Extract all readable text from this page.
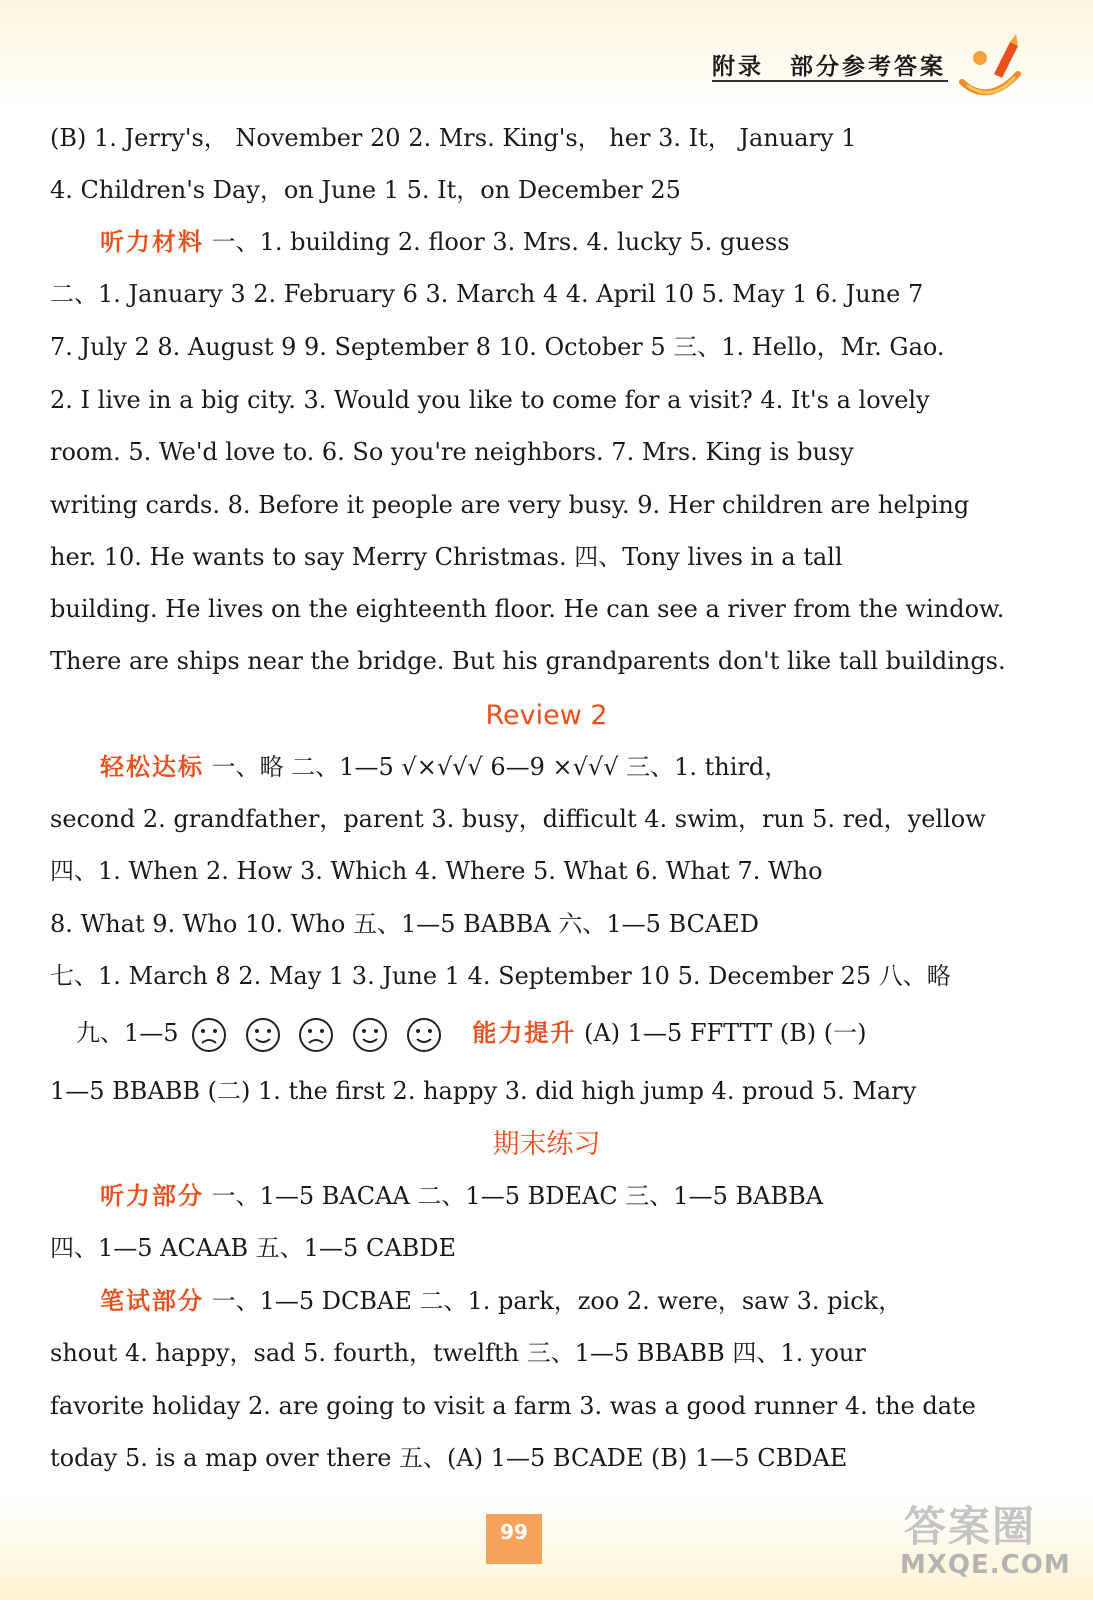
附录　部分参考答案
(B) 1. Jerry's， November 20 2. Mrs. King's， her 3. It， January 1
4. Children's Day，on June 1 5. It，on December 25
听力材料 一、1. building 2. floor 3. Mrs. 4. lucky 5. guess
二、1. January 3 2. February 6 3. March 4 4. April 10 5. May 1 6. June 7
7. July 2 8. August 9 9. September 8 10. October 5 三、1. Hello，Mr. Gao.
2. I live in a big city. 3. Would you like to come for a visit? 4. It's a lovely
room. 5. We'd love to. 6. So you're neighbors. 7. Mrs. King is busy
writing cards. 8. Before it people are very busy. 9. Her children are helping
her. 10. He wants to say Merry Christmas. 四、Tony lives in a tall
building. He lives on the eighteenth floor. He can see a river from the window.
There are ships near the bridge. But his grandparents don't like tall buildings.
Review 2
轻松达标 一、略 二、1—5 √×√√√ 6—9 ×√√√ 三、1. third，
second 2. grandfather，parent 3. busy，difficult 4. swim，run 5. red，yellow
四、1. When 2. How 3. Which 4. Where 5. What 6. What 7. Who
8. What 9. Who 10. Who 五、1—5 BABBA 六、1—5 BCAED
七、1. March 8 2. May 1 3. June 1 4. September 10 5. December 25 八、略
九、1—5	能力提升 (A) 1—5 FFTTT (B) (一)
1—5 BBABB (二) 1. the first 2. happy 3. did high jump 4. proud 5. Mary
期末练习
听力部分 一、1—5 BACAA 二、1—5 BDEAC 三、1—5 BABBA
四、1—5 ACAAB 五、1—5 CABDE
笔试部分 一、1—5 DCBAE 二、1. park，zoo 2. were，saw 3. pick，
shout 4. happy，sad 5. fourth，twelfth 三、1—5 BBABB 四、1. your
favorite holiday 2. are going to visit a farm 3. was a good runner 4. the date
today 5. is a map over there 五、(A) 1—5 BCADE (B) 1—5 CBDAE
99	答案圈
MXQE.COM
